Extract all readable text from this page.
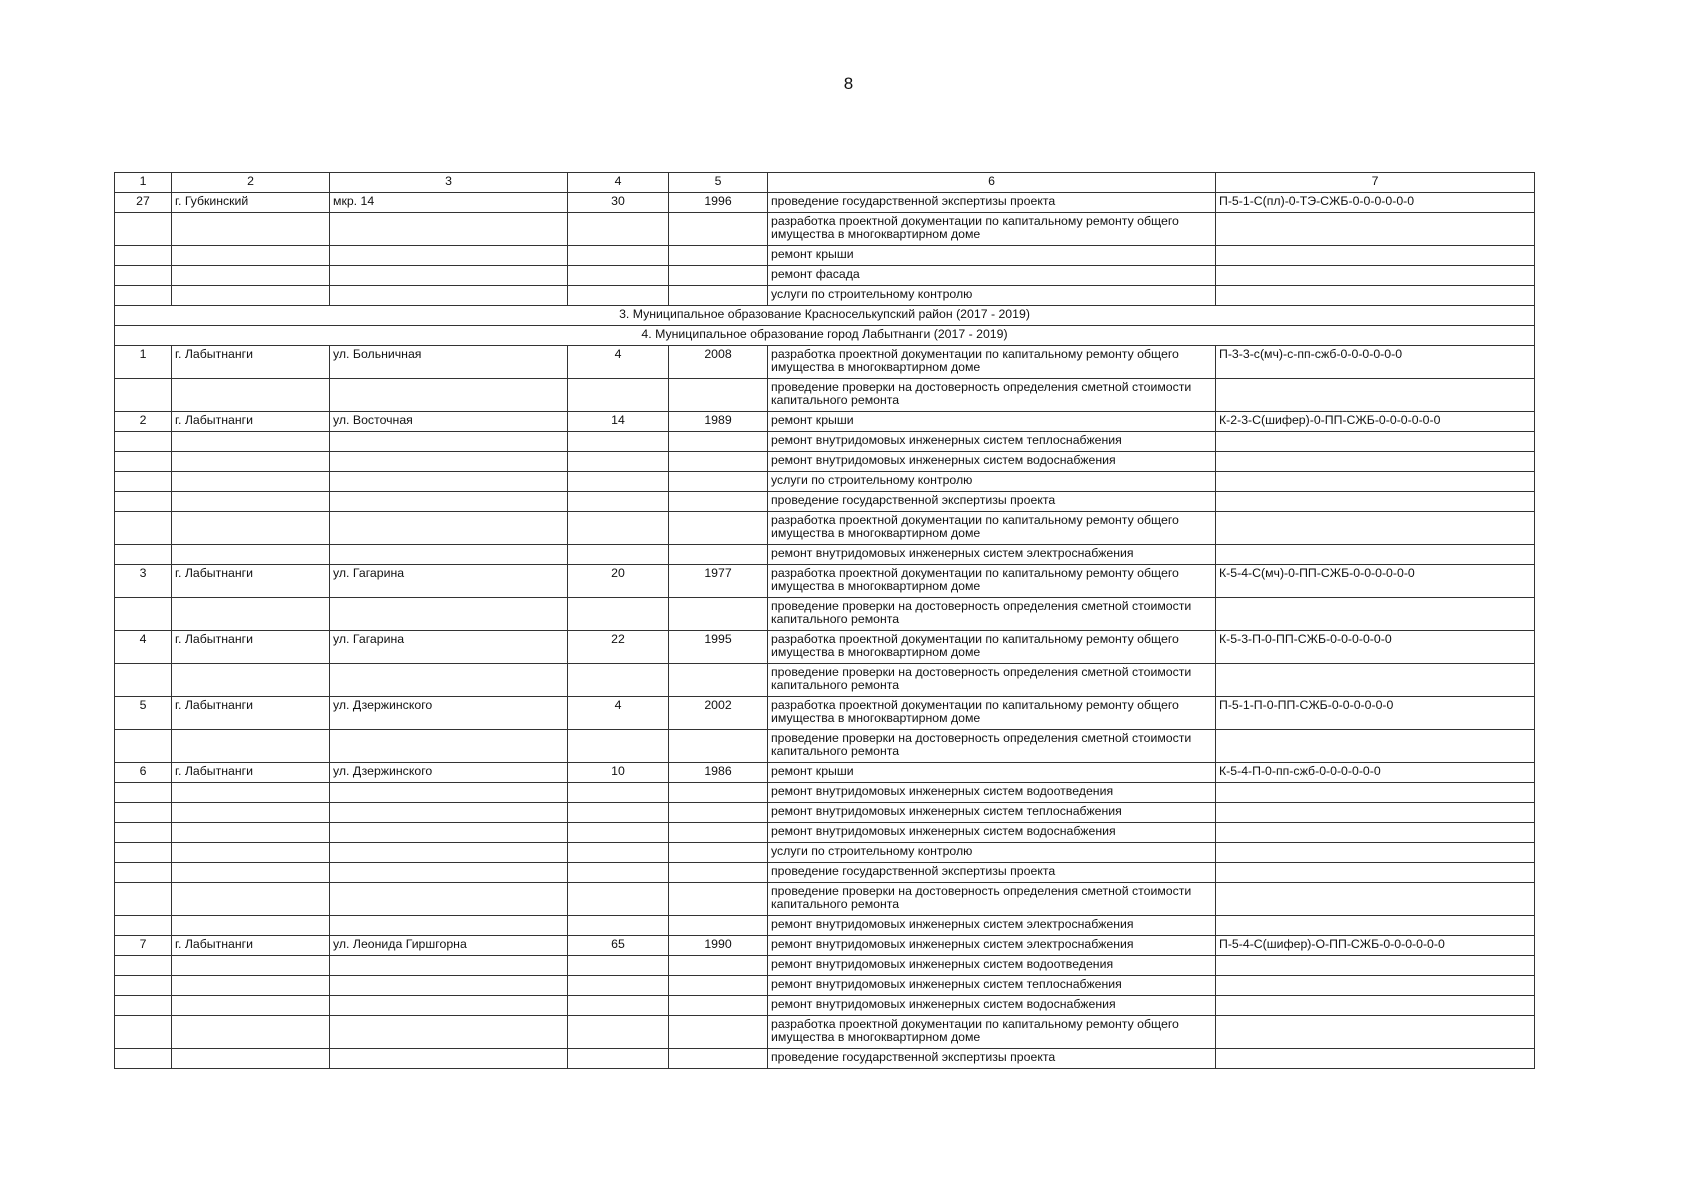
8
1	2	3	4	5	6	7
27	г. Губкинский	мкр. 14	30	1996	проведение государственной экспертизы проекта	П-5-1-С(пл)-0-ТЭ-СЖБ-0-0-0-0-0-0
					разработка проектной документации по капитальному ремонту общего имущества в многоквартирном доме	
					ремонт крыши	
					ремонт фасада	
					услуги по строительному контролю	
3. Муниципальное образование Красноселькупский район (2017 - 2019)						
4. Муниципальное образование город Лабытнанги (2017 - 2019)						
1	г. Лабытнанги	ул. Больничная	4	2008	разработка проектной документации по капитальному ремонту общего имущества в многоквартирном доме	П-3-3-с(мч)-с-пп-сжб-0-0-0-0-0-0
					проведение проверки на достоверность определения сметной стоимости капитального ремонта	
2	г. Лабытнанги	ул. Восточная	14	1989	ремонт крыши	К-2-3-С(шифер)-0-ПП-СЖБ-0-0-0-0-0-0
					ремонт внутридомовых инженерных систем теплоснабжения	
					ремонт внутридомовых инженерных систем водоснабжения	
					услуги по строительному контролю	
					проведение государственной экспертизы проекта	
					разработка проектной документации по капитальному ремонту общего имущества в многоквартирном доме	
					ремонт внутридомовых инженерных систем электроснабжения	
3	г. Лабытнанги	ул. Гагарина	20	1977	разработка проектной документации по капитальному ремонту общего имущества в многоквартирном доме	К-5-4-С(мч)-0-ПП-СЖБ-0-0-0-0-0-0
					проведение проверки на достоверность определения сметной стоимости капитального ремонта	
4	г. Лабытнанги	ул. Гагарина	22	1995	разработка проектной документации по капитальному ремонту общего имущества в многоквартирном доме	К-5-3-П-0-ПП-СЖБ-0-0-0-0-0-0
					проведение проверки на достоверность определения сметной стоимости капитального ремонта	
5	г. Лабытнанги	ул. Дзержинского	4	2002	разработка проектной документации по капитальному ремонту общего имущества в многоквартирном доме	П-5-1-П-0-ПП-СЖБ-0-0-0-0-0-0
					проведение проверки на достоверность определения сметной стоимости капитального ремонта	
6	г. Лабытнанги	ул. Дзержинского	10	1986	ремонт крыши	К-5-4-П-0-пп-сжб-0-0-0-0-0-0
					ремонт внутридомовых инженерных систем водоотведения	
					ремонт внутридомовых инженерных систем теплоснабжения	
					ремонт внутридомовых инженерных систем водоснабжения	
					услуги по строительному контролю	
					проведение государственной экспертизы проекта	
					проведение проверки на достоверность определения сметной стоимости капитального ремонта	
					ремонт внутридомовых инженерных систем электроснабжения	
7	г. Лабытнанги	ул. Леонида Гиршгорна	65	1990	ремонт внутридомовых инженерных систем электроснабжения	П-5-4-С(шифер)-О-ПП-СЖБ-0-0-0-0-0-0
					ремонт внутридомовых инженерных систем водоотведения	
					ремонт внутридомовых инженерных систем теплоснабжения	
					ремонт внутридомовых инженерных систем водоснабжения	
					разработка проектной документации по капитальному ремонту общего имущества в многоквартирном доме	
					проведение государственной экспертизы проекта	
